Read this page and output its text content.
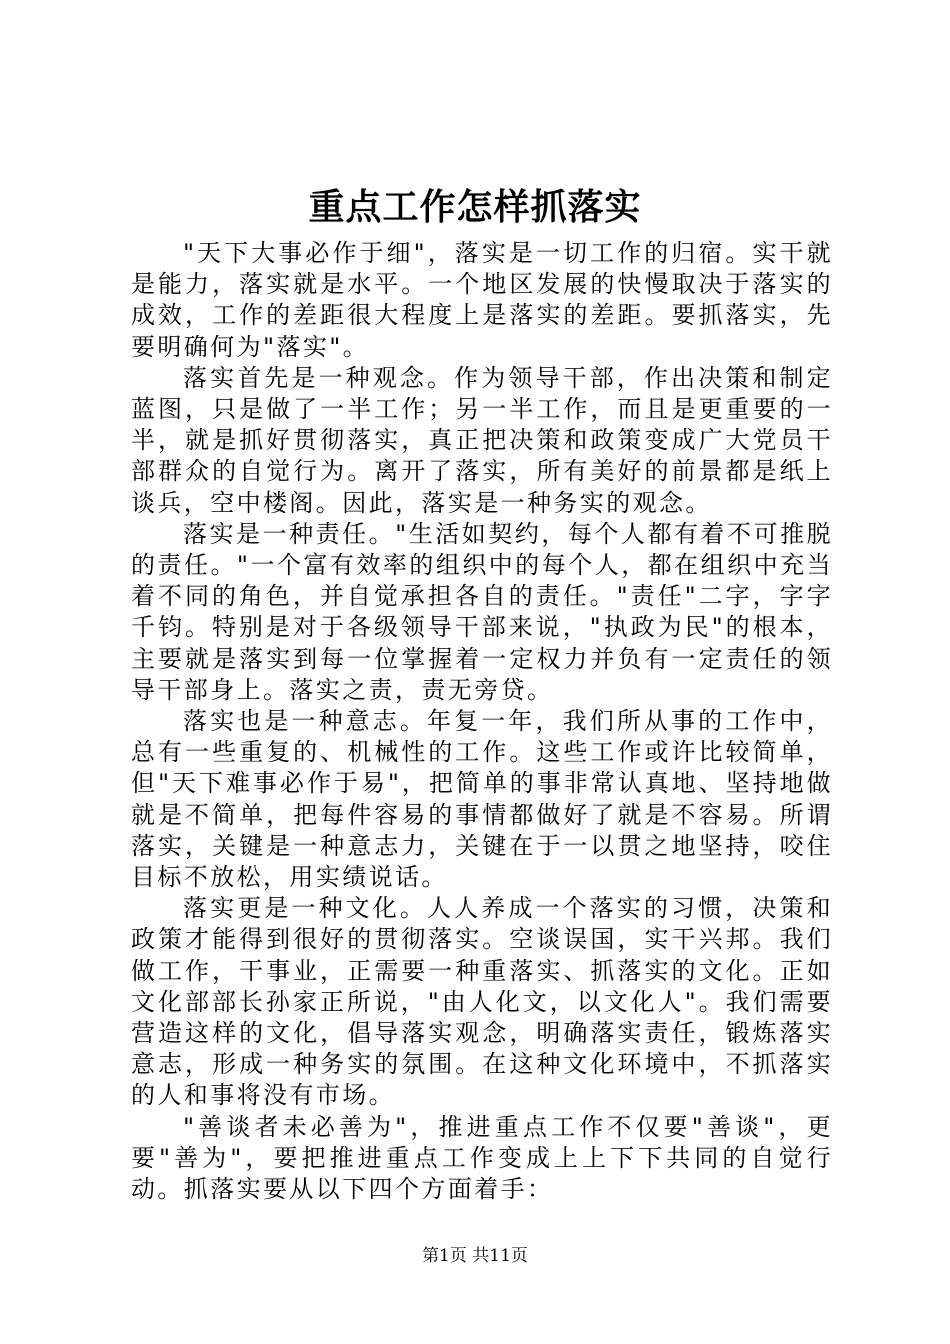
重点工作怎样抓落实

"天下大事必作于细"，落实是一切工作的归宿。实干就是能力，落实就是水平。一个地区发展的快慢取决于落实的成效，工作的差距很大程度上是落实的差距。要抓落实，先要明确何为"落实"。

落实首先是一种观念。作为领导干部，作出决策和制定蓝图，只是做了一半工作；另一半工作，而且是更重要的一半，就是抓好贯彻落实，真正把决策和政策变成广大党员干部群众的自觉行为。离开了落实，所有美好的前景都是纸上谈兵，空中楼阁。因此，落实是一种务实的观念。

落实是一种责任。"生活如契约，每个人都有着不可推脱的责任。"一个富有效率的组织中的每个人，都在组织中充当着不同的角色，并自觉承担各自的责任。"责任"二字，字字千钧。特别是对于各级领导干部来说，"执政为民"的根本，主要就是落实到每一位掌握着一定权力并负有一定责任的领导干部身上。落实之责，责无旁贷。

落实也是一种意志。年复一年，我们所从事的工作中，总有一些重复的、机械性的工作。这些工作或许比较简单，但"天下难事必作于易"，把简单的事非常认真地、坚持地做就是不简单，把每件容易的事情都做好了就是不容易。所谓落实，关键是一种意志力，关键在于一以贯之地坚持，咬住目标不放松，用实绩说话。

落实更是一种文化。人人养成一个落实的习惯，决策和政策才能得到很好的贯彻落实。空谈误国，实干兴邦。我们做工作，干事业，正需要一种重落实、抓落实的文化。正如文化部部长孙家正所说，"由人化文，以文化人"。我们需要营造这样的文化，倡导落实观念，明确落实责任，锻炼落实意志，形成一种务实的氛围。在这种文化环境中，不抓落实的人和事将没有市场。

"善谈者未必善为"，推进重点工作不仅要"善谈"，更要"善为"，要把推进重点工作变成上上下下共同的自觉行动。抓落实要从以下四个方面着手：

第1页 共11页
